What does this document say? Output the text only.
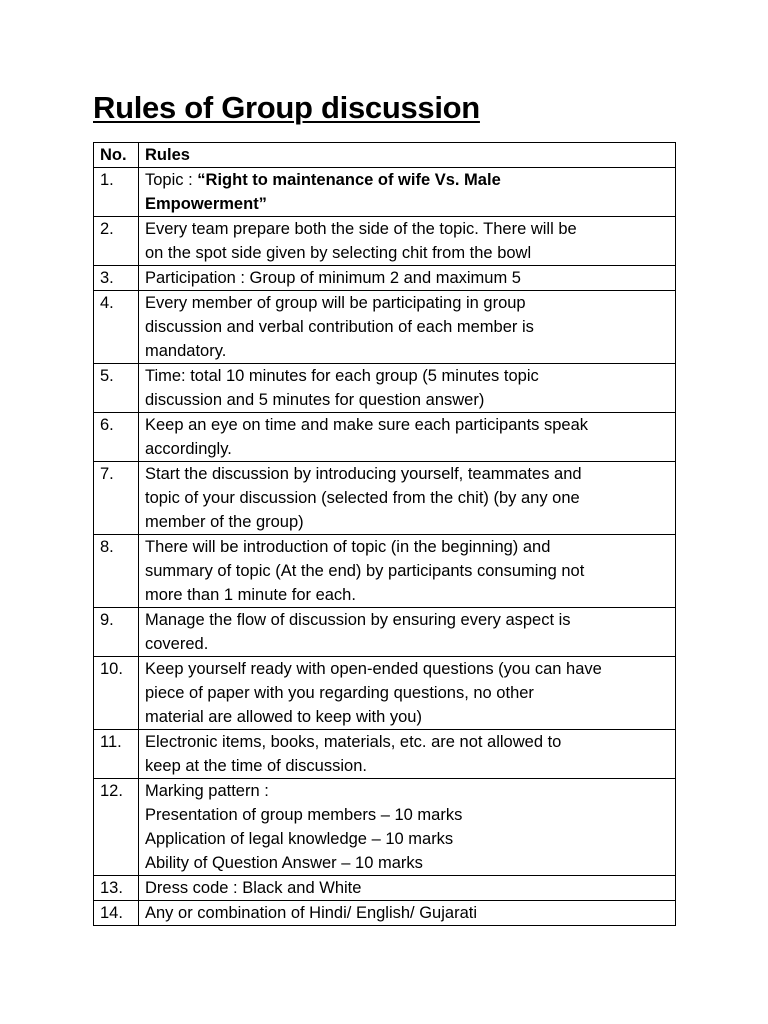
Rules of Group discussion
No.	Rules
1.	Topic : “Right to maintenance of wife Vs. Male
Empowerment”

2.	Every team prepare both the side of the topic. There will be
on the spot side given by selecting chit from the bowl

3.	Participation : Group of minimum 2 and maximum 5

4.	Every member of group will be participating in group
discussion and verbal contribution of each member is
mandatory.

5.	Time: total 10 minutes for each group (5 minutes topic
discussion and 5 minutes for question answer)

6.	Keep an eye on time and make sure each participants speak
accordingly.

7.	Start the discussion by introducing yourself, teammates and
topic of your discussion (selected from the chit) (by any one
member of the group)

8.	There will be introduction of topic (in the beginning) and
summary of topic (At the end) by participants consuming not
more than 1 minute for each.

9.	Manage the flow of discussion by ensuring every aspect is
covered.

10.	Keep yourself ready with open-ended questions (you can have
piece of paper with you regarding questions, no other
material are allowed to keep with you)

11.	Electronic items, books, materials, etc. are not allowed to
keep at the time of discussion.

12.	Marking pattern :
Presentation of group members – 10 marks
Application of legal knowledge – 10 marks
Ability of Question Answer – 10 marks

13.	Dress code : Black and White

14.	Any or combination of Hindi/ English/ Gujarati
